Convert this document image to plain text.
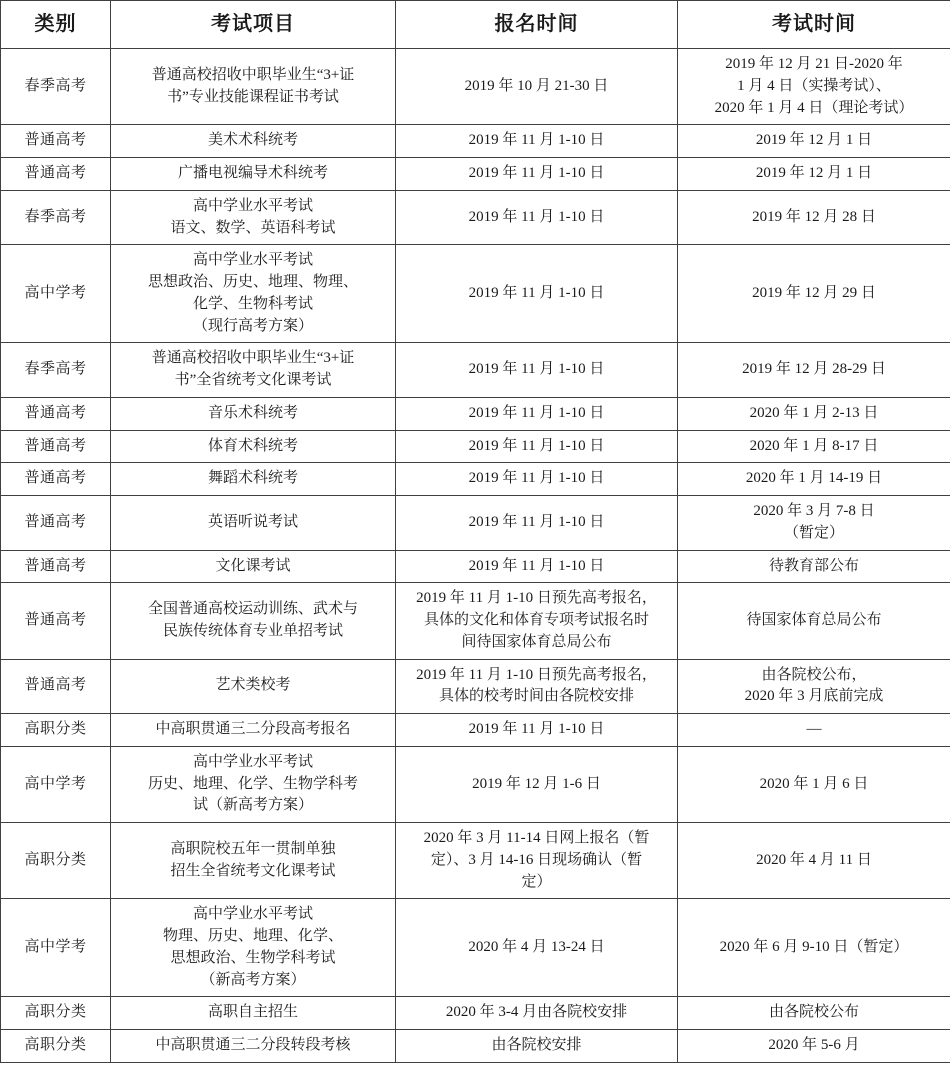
类别	考试项目	报名时间	考试时间
春季高考	普通高校招收中职毕业生“3+证
书”专业技能课程证书考试	2019 年 10 月 21-30 日	2019 年 12 月 21 日-2020 年
1 月 4 日（实操考试）、
2020 年 1 月 4 日（理论考试）

普通高考	美术术科统考	2019 年 11 月 1-10 日	2019 年 12 月 1 日

普通高考	广播电视编导术科统考	2019 年 11 月 1-10 日	2019 年 12 月 1 日

春季高考	高中学业水平考试
语文、数学、英语科考试	2019 年 11 月 1-10 日	2019 年 12 月 28 日

高中学考	高中学业水平考试
思想政治、历史、地理、物理、
化学、生物科考试
（现行高考方案）	2019 年 11 月 1-10 日	2019 年 12 月 29 日

春季高考	普通高校招收中职毕业生“3+证
书”全省统考文化课考试	2019 年 11 月 1-10 日	2019 年 12 月 28-29 日

普通高考	音乐术科统考	2019 年 11 月 1-10 日	2020 年 1 月 2-13 日

普通高考	体育术科统考	2019 年 11 月 1-10 日	2020 年 1 月 8-17 日

普通高考	舞蹈术科统考	2019 年 11 月 1-10 日	2020 年 1 月 14-19 日

普通高考	英语听说考试	2019 年 11 月 1-10 日	2020 年 3 月 7-8 日
（暂定）

普通高考	文化课考试	2019 年 11 月 1-10 日	待教育部公布

普通高考	全国普通高校运动训练、武术与
民族传统体育专业单招考试	2019 年 11 月 1-10 日预先高考报名，
具体的文化和体育专项考试报名时
间待国家体育总局公布	待国家体育总局公布

普通高考	艺术类校考	2019 年 11 月 1-10 日预先高考报名，
具体的校考时间由各院校安排	由各院校公布，
2020 年 3 月底前完成

高职分类	中高职贯通三二分段高考报名	2019 年 11 月 1-10 日	—

高中学考	高中学业水平考试
历史、地理、化学、生物学科考
试（新高考方案）	2019 年 12 月 1-6 日	2020 年 1 月 6 日

高职分类	高职院校五年一贯制单独
招生全省统考文化课考试	2020 年 3 月 11-14 日网上报名（暂
定）、3 月 14-16 日现场确认（暂
定）	2020 年 4 月 11 日

高中学考	高中学业水平考试
物理、历史、地理、化学、
思想政治、生物学科考试
（新高考方案）	2020 年 4 月 13-24 日	2020 年 6 月 9-10 日（暂定）

高职分类	高职自主招生	2020 年 3-4 月由各院校安排	由各院校公布

高职分类	中高职贯通三二分段转段考核	由各院校安排	2020 年 5-6 月
